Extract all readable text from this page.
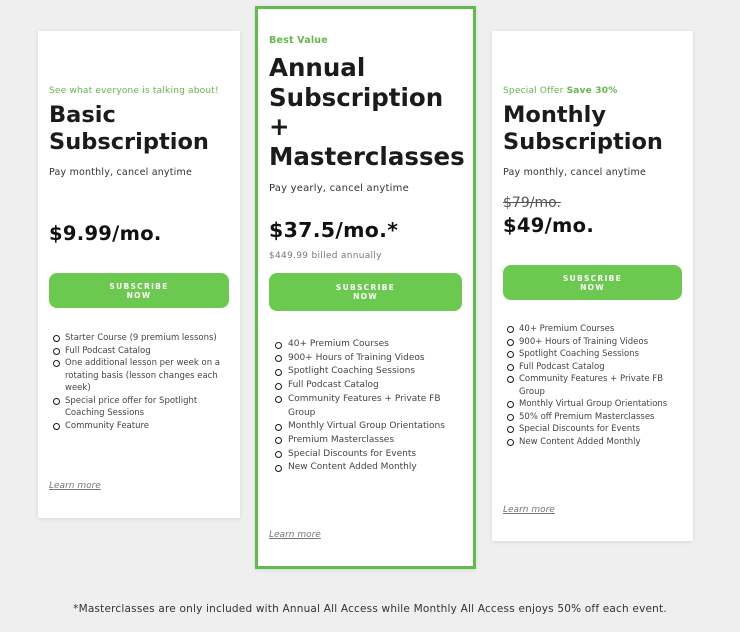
See what everyone is talking about!
Basic Subscription
Pay monthly, cancel anytime
$9.99/mo.
SUBSCRIBE
NOW
Starter Course (9 premium lessons)
Full Podcast Catalog
One additional lesson per week on a rotating basis (lesson changes each week)
Special price offer for Spotlight Coaching Sessions
Community Feature
Learn more
Best Value
Annual Subscription + Masterclasses
Pay yearly, cancel anytime
$37.5/mo.*
$449.99 billed annually
SUBSCRIBE
NOW
40+ Premium Courses
900+ Hours of Training Videos
Spotlight Coaching Sessions
Full Podcast Catalog
Community Features + Private FB Group
Monthly Virtual Group Orientations
Premium Masterclasses
Special Discounts for Events
New Content Added Monthly
Learn more
Special Offer Save 30%
Monthly Subscription
Pay monthly, cancel anytime
$79/mo.
$49/mo.
SUBSCRIBE
NOW
40+ Premium Courses
900+ Hours of Training Videos
Spotlight Coaching Sessions
Full Podcast Catalog
Community Features + Private FB Group
Monthly Virtual Group Orientations
50% off Premium Masterclasses
Special Discounts for Events
New Content Added Monthly
Learn more
*Masterclasses are only included with Annual All Access while Monthly All Access enjoys 50% off each event.
